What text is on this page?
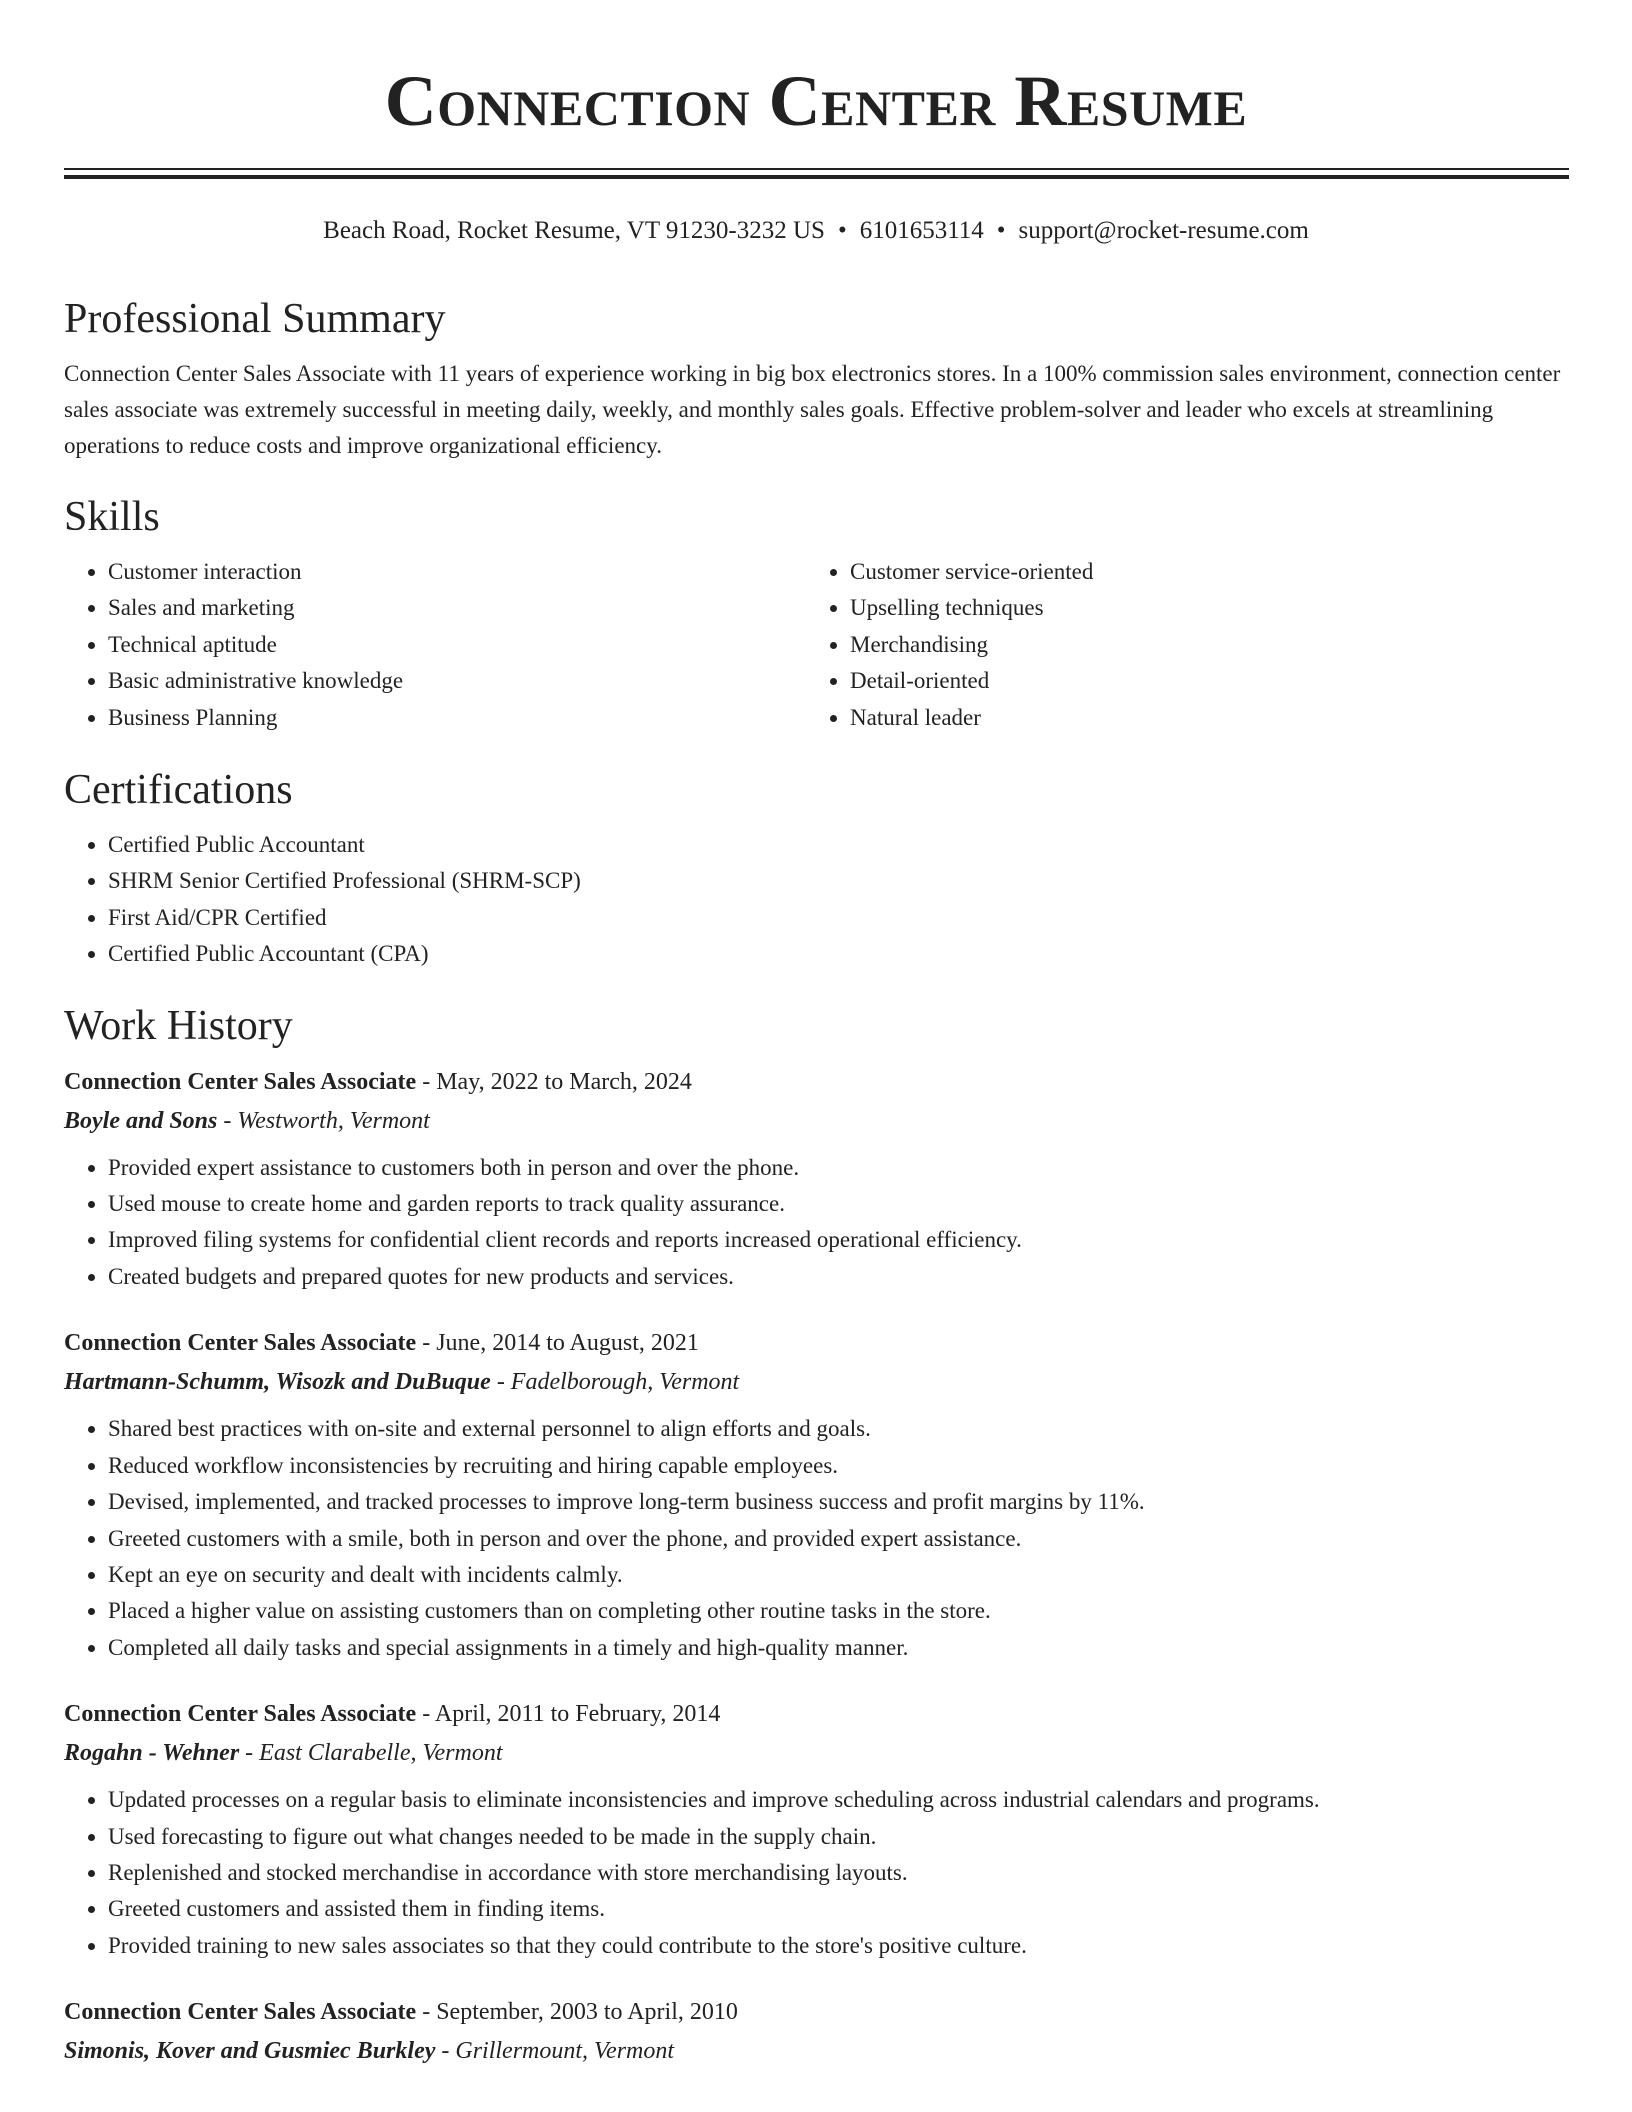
Connection Center Resume
Beach Road, Rocket Resume, VT 91230-3232 US • 6101653114 • support@rocket-resume.com
Professional Summary

Connection Center Sales Associate with 11 years of experience working in big box electronics stores. In a 100% commission sales environment, connection center sales associate was extremely successful in meeting daily, weekly, and monthly sales goals. Effective problem-solver and leader who excels at streamlining operations to reduce costs and improve organizational efficiency.

Skills
• Customer interaction
• Sales and marketing
• Technical aptitude
• Basic administrative knowledge
• Business Planning
• Customer service-oriented
• Upselling techniques
• Merchandising
• Detail-oriented
• Natural leader
Certifications
• Certified Public Accountant
• SHRM Senior Certified Professional (SHRM-SCP)
• First Aid/CPR Certified
• Certified Public Accountant (CPA)
Work History

Connection Center Sales Associate - May, 2022 to March, 2024

Boyle and Sons - Westworth, Vermont

• Provided expert assistance to customers both in person and over the phone.
• Used mouse to create home and garden reports to track quality assurance.
• Improved filing systems for confidential client records and reports increased operational efficiency.
• Created budgets and prepared quotes for new products and services.

Connection Center Sales Associate - June, 2014 to August, 2021

Hartmann-Schumm, Wisozk and DuBuque - Fadelborough, Vermont

• Shared best practices with on-site and external personnel to align efforts and goals.
• Reduced workflow inconsistencies by recruiting and hiring capable employees.
• Devised, implemented, and tracked processes to improve long-term business success and profit margins by 11%.
• Greeted customers with a smile, both in person and over the phone, and provided expert assistance.
• Kept an eye on security and dealt with incidents calmly.
• Placed a higher value on assisting customers than on completing other routine tasks in the store.
• Completed all daily tasks and special assignments in a timely and high-quality manner.

Connection Center Sales Associate - April, 2011 to February, 2014

Rogahn - Wehner - East Clarabelle, Vermont

• Updated processes on a regular basis to eliminate inconsistencies and improve scheduling across industrial calendars and programs.
• Used forecasting to figure out what changes needed to be made in the supply chain.
• Replenished and stocked merchandise in accordance with store merchandising layouts.
• Greeted customers and assisted them in finding items.
• Provided training to new sales associates so that they could contribute to the store's positive culture.

Connection Center Sales Associate - September, 2003 to April, 2010

Simonis, Kover and Gusmiec Burkley - Grillermount, Vermont
